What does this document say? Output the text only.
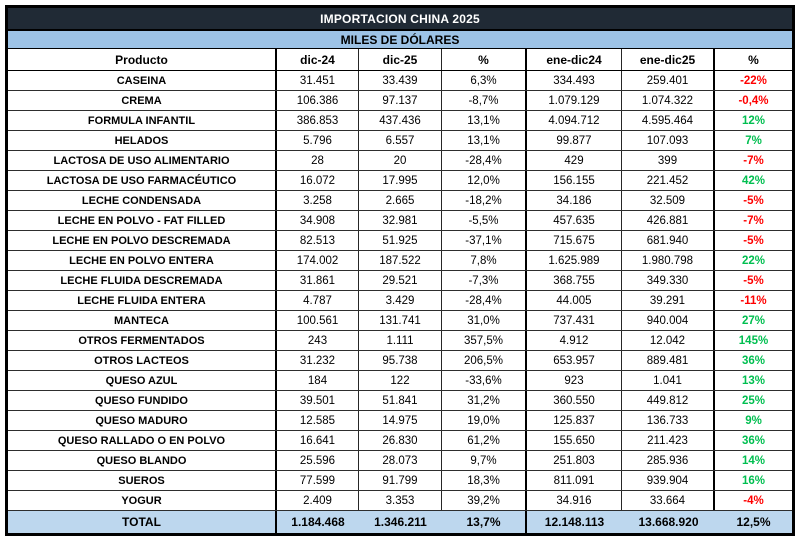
IMPORTACION CHINA 2025
MILES DE DÓLARES
Producto	dic-24	dic-25	%	ene-dic24	ene-dic25	%
CASEINA	31.451	33.439	6,3%	334.493	259.401	-22%
CREMA	106.386	97.137	-8,7%	1.079.129	1.074.322	-0,4%
FORMULA INFANTIL	386.853	437.436	13,1%	4.094.712	4.595.464	12%
HELADOS	5.796	6.557	13,1%	99.877	107.093	7%
LACTOSA DE USO ALIMENTARIO	28	20	-28,4%	429	399	-7%
LACTOSA DE USO FARMACÉUTICO	16.072	17.995	12,0%	156.155	221.452	42%
LECHE CONDENSADA	3.258	2.665	-18,2%	34.186	32.509	-5%
LECHE EN POLVO - FAT FILLED	34.908	32.981	-5,5%	457.635	426.881	-7%
LECHE EN POLVO DESCREMADA	82.513	51.925	-37,1%	715.675	681.940	-5%
LECHE EN POLVO ENTERA	174.002	187.522	7,8%	1.625.989	1.980.798	22%
LECHE FLUIDA DESCREMADA	31.861	29.521	-7,3%	368.755	349.330	-5%
LECHE FLUIDA ENTERA	4.787	3.429	-28,4%	44.005	39.291	-11%
MANTECA	100.561	131.741	31,0%	737.431	940.004	27%
OTROS FERMENTADOS	243	1.111	357,5%	4.912	12.042	145%
OTROS LACTEOS	31.232	95.738	206,5%	653.957	889.481	36%
QUESO AZUL	184	122	-33,6%	923	1.041	13%
QUESO FUNDIDO	39.501	51.841	31,2%	360.550	449.812	25%
QUESO MADURO	12.585	14.975	19,0%	125.837	136.733	9%
QUESO RALLADO O EN POLVO	16.641	26.830	61,2%	155.650	211.423	36%
QUESO BLANDO	25.596	28.073	9,7%	251.803	285.936	14%
SUEROS	77.599	91.799	18,3%	811.091	939.904	16%
YOGUR	2.409	3.353	39,2%	34.916	33.664	-4%
TOTAL	1.184.468	1.346.211	13,7%	12.148.113	13.668.920	12,5%
